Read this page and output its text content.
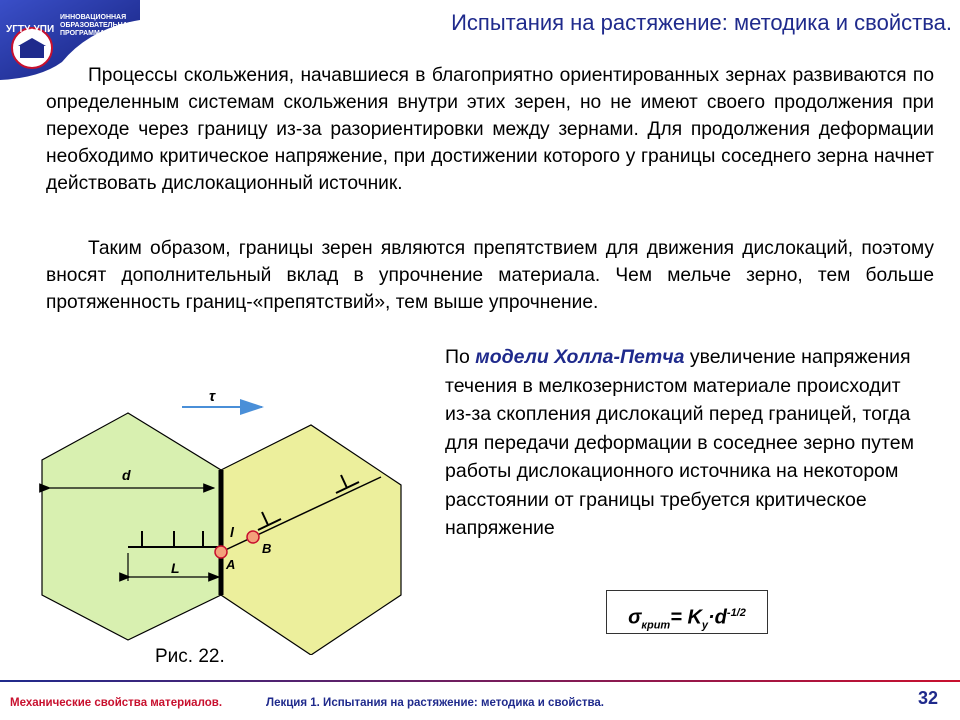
ИННОВАЦИОННАЯ
ОБРАЗОВАТЕЛЬНАЯ
ПРОГРАММА
УГТУ-УПИ	Испытания на растяжение: методика и свойства.

Процессы скольжения, начавшиеся в благоприятно ориентированных зернах развиваются по определенным системам скольжения внутри этих зерен, но не имеют своего продолжения при переходе через границу из-за разориентировки между зернами. Для продолжения деформации необходимо критическое напряжение, при достижении которого у границы соседнего зерна начнет действовать дислокационный источник.

Таким образом, границы зерен являются препятствием для движения дислокаций, поэтому вносят дополнительный вклад в упрочнение материала. Чем мельче зерно, тем больше протяженность границ-«препятствий», тем выше упрочнение.

По модели Холла-Петча увеличение напряжения течения в мелкозернистом материале происходит из-за скопления дислокаций перед границей, тогда для передачи деформации в соседнее зерно путем работы дислокационного источника на некотором расстоянии от границы требуется критическое напряжение

$\sigma_{крит}= K_y\cdot d^{-1/2}$
d
τ
L	A
B
l
Рис. 22.
Механические свойства материалов.	Лекция 1. Испытания на растяжение: методика и свойства.	32
